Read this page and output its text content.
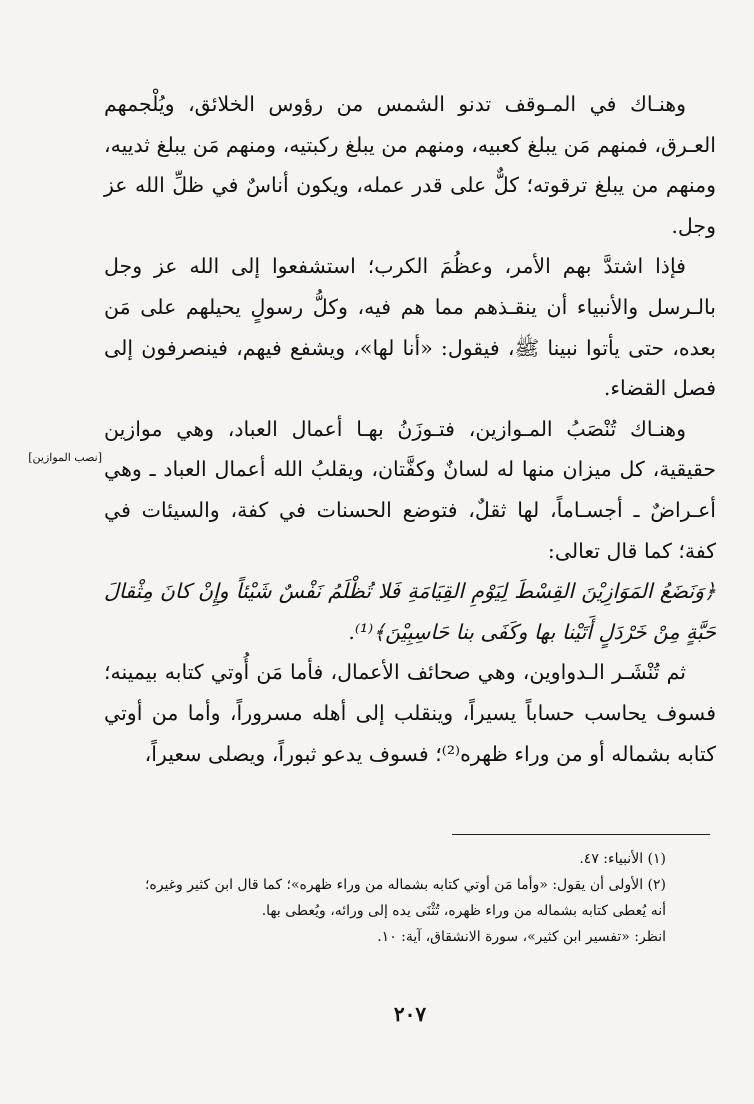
وهنـاك في المـوقف تدنو الشمس من رؤوس الخلائق، ويُلْجمهم العـرق، فمنهم مَن يبلغ كعبيه، ومنهم من يبلغ ركبتيه، ومنهم مَن يبلغ ثدييه، ومنهم من يبلغ ترقوته؛ كلٌّ على قدر عمله، ويكون أناسٌ في ظلِّ الله عز وجل.

فإذا اشتدَّ بهم الأمر، وعظُمَ الكرب؛ استشفعوا إلى الله عز وجل بالـرسل والأنبياء أن ينقـذهم مما هم فيه، وكلُّ رسولٍ يحيلهم على مَن بعده، حتى يأتوا نبينا ﷺ، فيقول: «أنا لها»، ويشفع فيهم، فينصرفون إلى فصل القضاء.

وهنـاك تُنْصَبُ المـوازين، فتـوزَنُ بهـا أعمال العباد، وهي موازين حقيقية، كل ميزان منها له لسانٌ وكفَّتان، ويقلبُ الله أعمال العباد ـ وهي أعـراضٌ ـ أجسـاماً، لها ثقلٌ، فتوضع الحسنات في كفة، والسيئات في كفة؛ كما قال تعالى:

﴿وَنَضَعُ المَوَازِيْنَ القِسْطَ لِيَوْمِ القِيَامَةِ فَلا تُظْلَمُ نَفْسٌ شَيْئاً وإِنْ كانَ مِثْقالَ حَبَّةٍ مِنْ خَرْدَلٍ أَتَيْنا بها وكَفَى بنا حَاسِبِيْنَ﴾⁽¹⁾.

ثم تُنْشَـر الـدواوين، وهي صحائف الأعمال، فأما مَن أُوتي كتابه بيمينه؛ فسوف يحاسب حساباً يسيراً، وينقلب إلى أهله مسروراً، وأما من أوتي كتابه بشماله أو من وراء ظهره⁽²⁾؛ فسوف يدعو ثبوراً، ويصلى سعيراً،

[نصب الموازين]

(١) الأنبياء: ٤٧.

(٢) الأولى أن يقول: «وأما مَن أوتي كتابه بشماله من وراء ظهره»؛ كما قال ابن كثير وغيره؛ أنه يُعطى كتابه بشماله من وراء ظهره، تُثْنَى يده إلى ورائه، ويُعطى بها.

انظر: «تفسير ابن كثير»، سورة الانشقاق، آية: ١٠.

٢٠٧
